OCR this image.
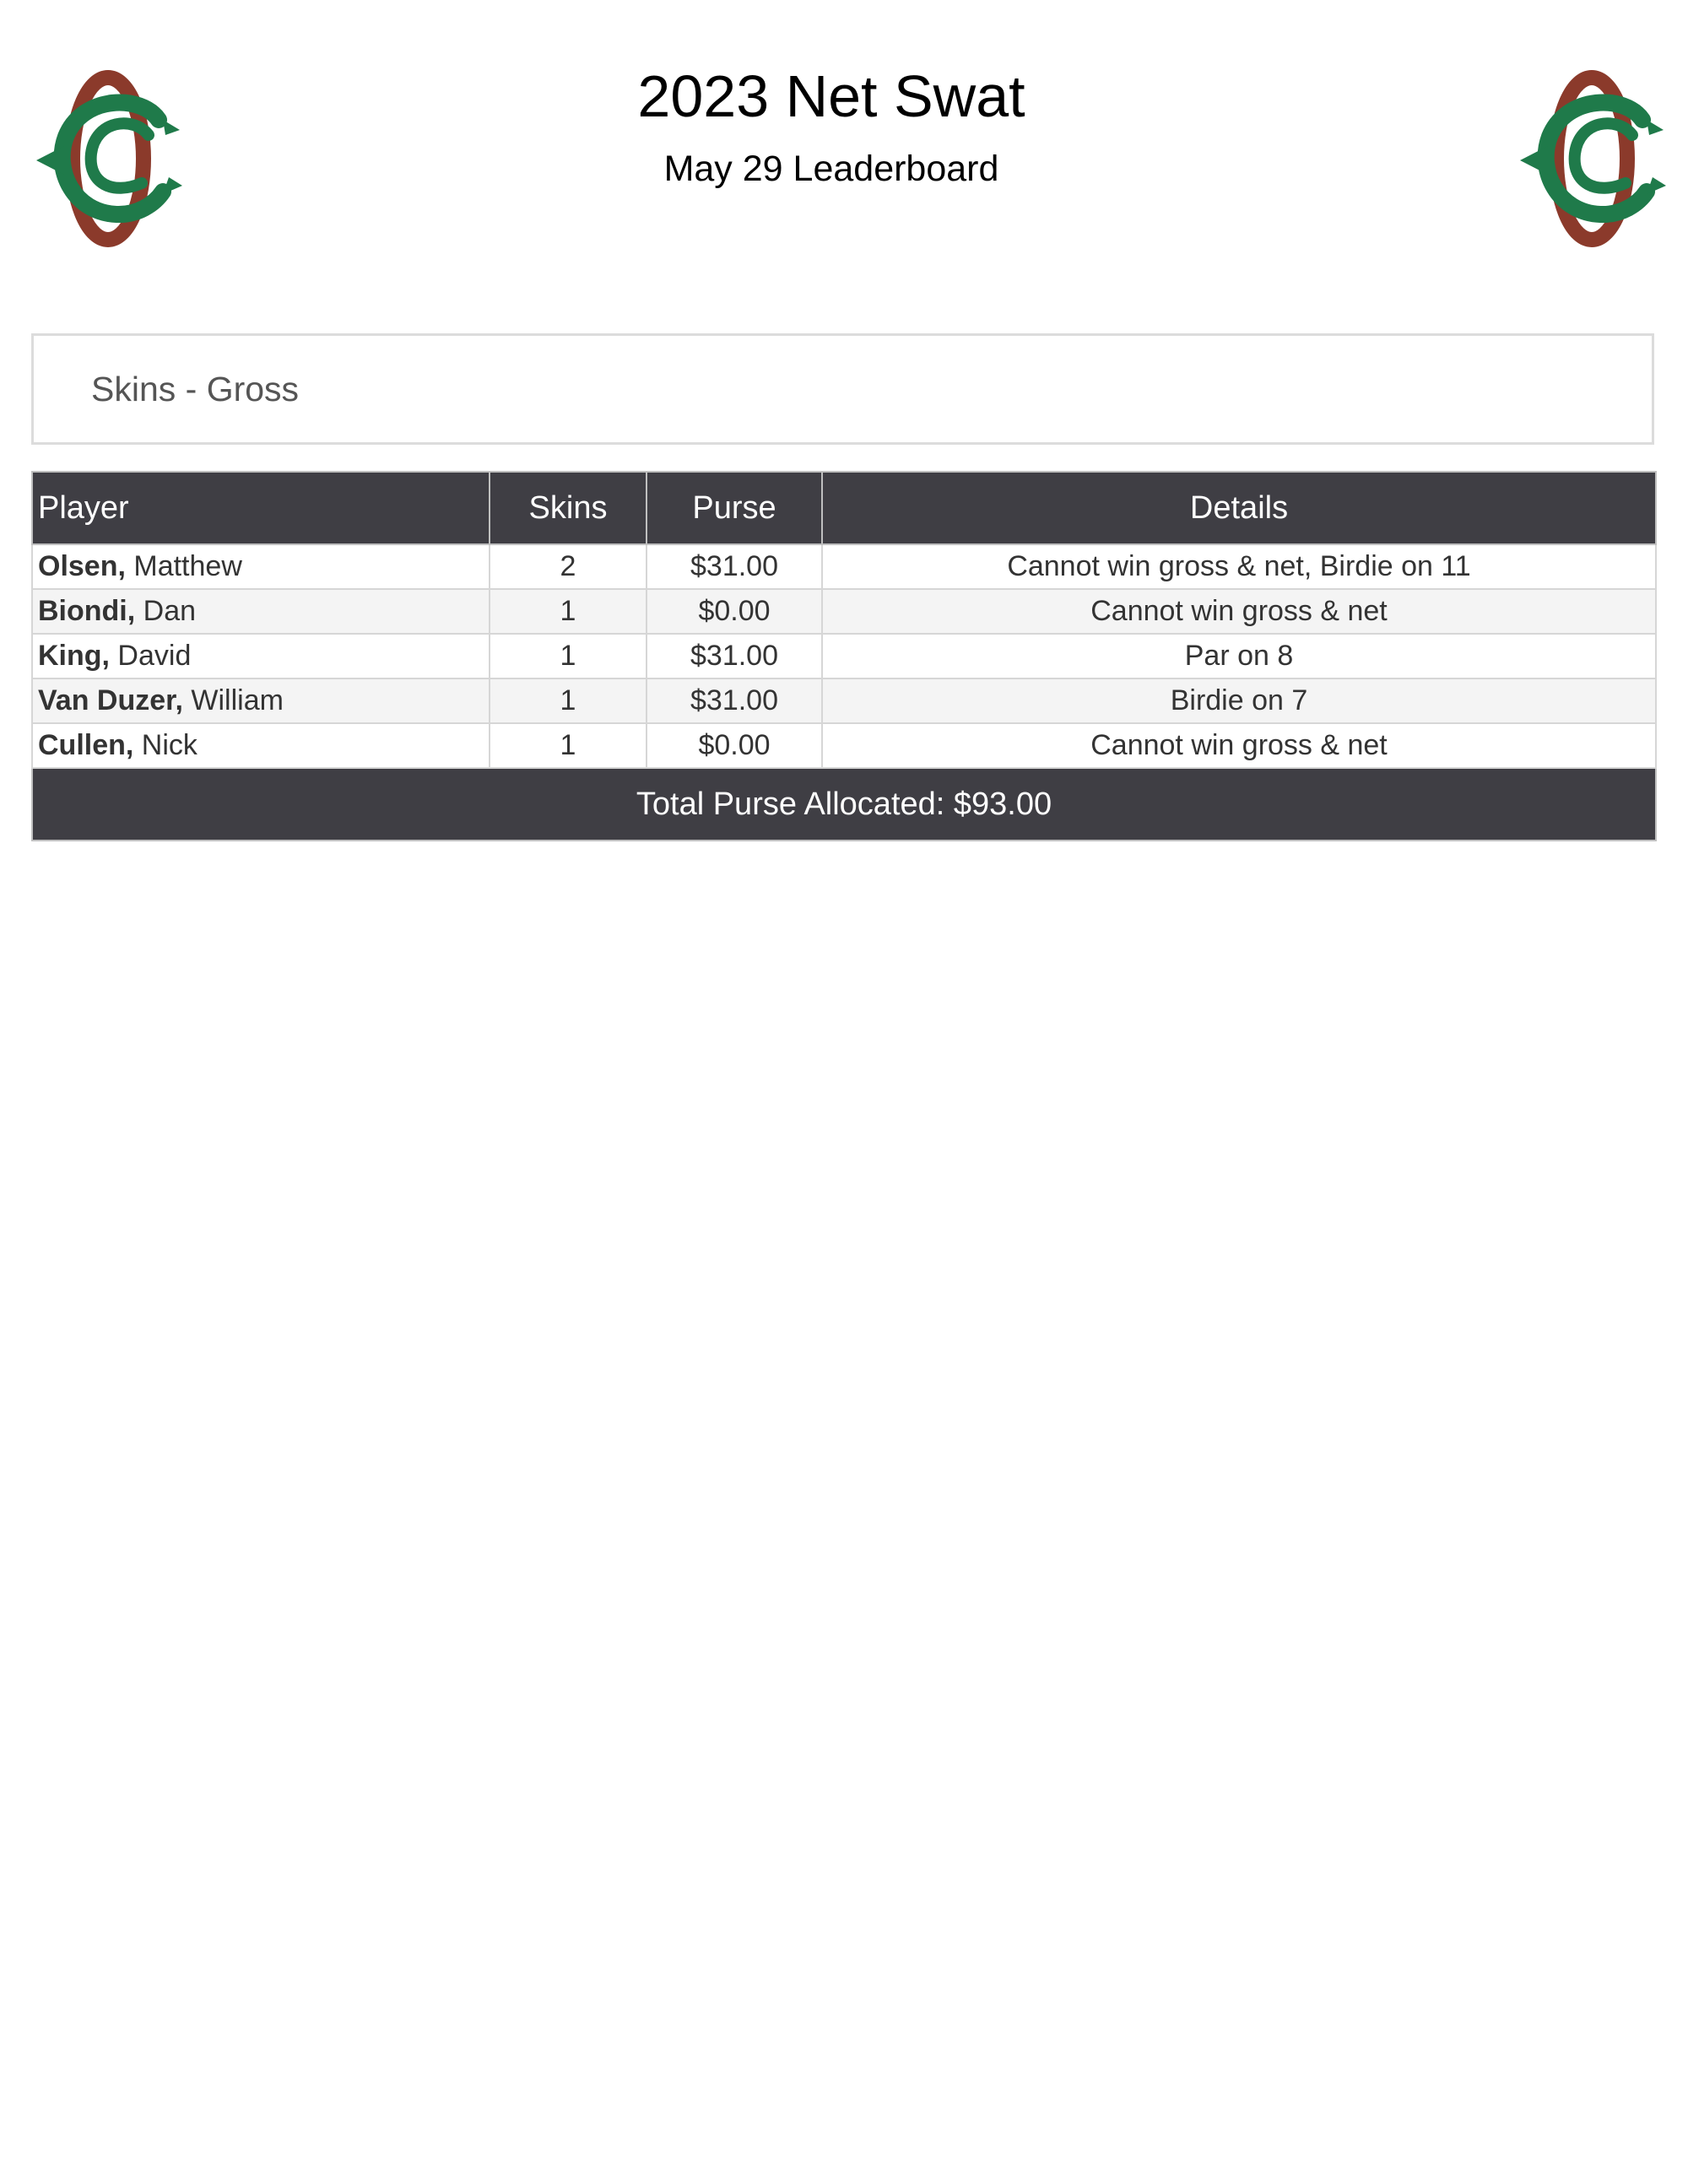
2023 Net Swat
May 29 Leaderboard
Skins - Gross
Player	Skins	Purse	Details
Olsen, Matthew	2	$31.00	Cannot win gross & net, Birdie on 11
Biondi, Dan	1	$0.00	Cannot win gross & net
King, David	1	$31.00	Par on 8
Van Duzer, William	1	$31.00	Birdie on 7
Cullen, Nick	1	$0.00	Cannot win gross & net
Total Purse Allocated: $93.00			
